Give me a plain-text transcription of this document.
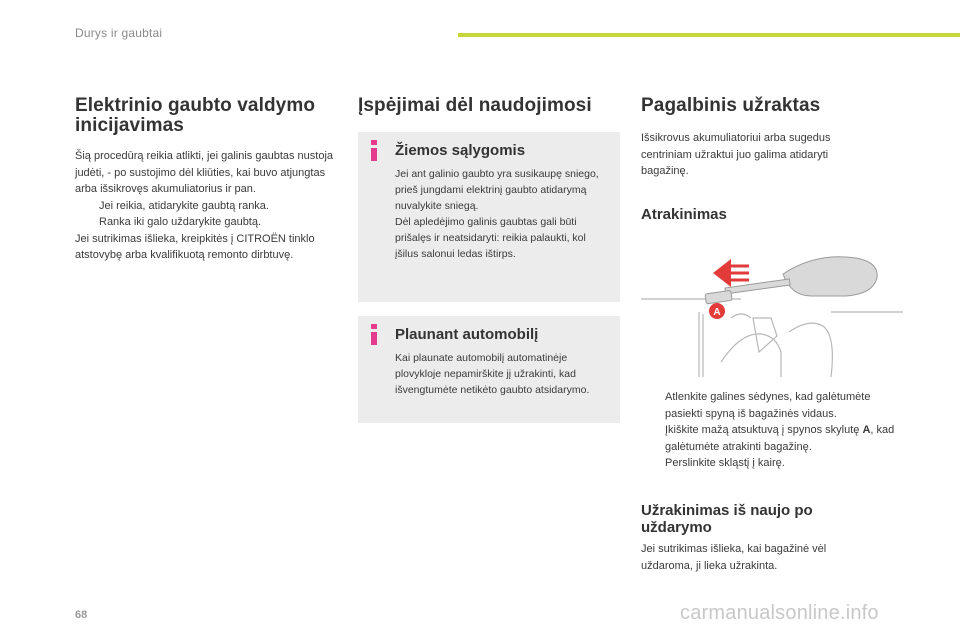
Durys ir gaubtai
Elektrinio gaubto valdymo inicijavimas

Šią procedūrą reikia atlikti, jei galinis gaubtas nustoja judėti, - po sustojimo dėl kliūties, kai buvo atjungtas arba išsikrovęs akumuliatorius ir pan.

Jei reikia, atidarykite gaubtą ranka.
Ranka iki galo uždarykite gaubtą.

Jei sutrikimas išlieka, kreipkitės į CITROËN tinklo atstovybę arba kvalifikuotą remonto dirbtuvę.

Įspėjimai dėl naudojimosi
Žiemos sąlygomis

Jei ant galinio gaubto yra susikaupę sniego, prieš jungdami elektrinį gaubto atidarymą nuvalykite sniegą.
Dėl apledėjimo galinis gaubtas gali būti prišalęs ir neatsidaryti: reikia palaukti, kol įšilus salonui ledas ištirps.

Plaunant automobilį

Kai plaunate automobilį automatinėje plovykloje nepamirškite jį užrakinti, kad išvengtumėte netikėto gaubto atsidarymo.

Pagalbinis užraktas

Išsikrovus akumuliatoriui arba sugedus centriniam užraktui juo galima atidaryti bagažinę.

Atrakinimas
Atlenkite galines sėdynes, kad galėtumėte pasiekti spyną iš bagažinės vidaus.
Įkiškite mažą atsuktuvą į spynos skylutę A, kad galėtumėte atrakinti bagažinę.
Perslinkite skląstį į kairę.
Užrakinimas iš naujo po uždarymo

Jei sutrikimas išlieka, kai bagažinė vėl uždaroma, ji lieka užrakinta.

A
68	carmanualsonline.info
